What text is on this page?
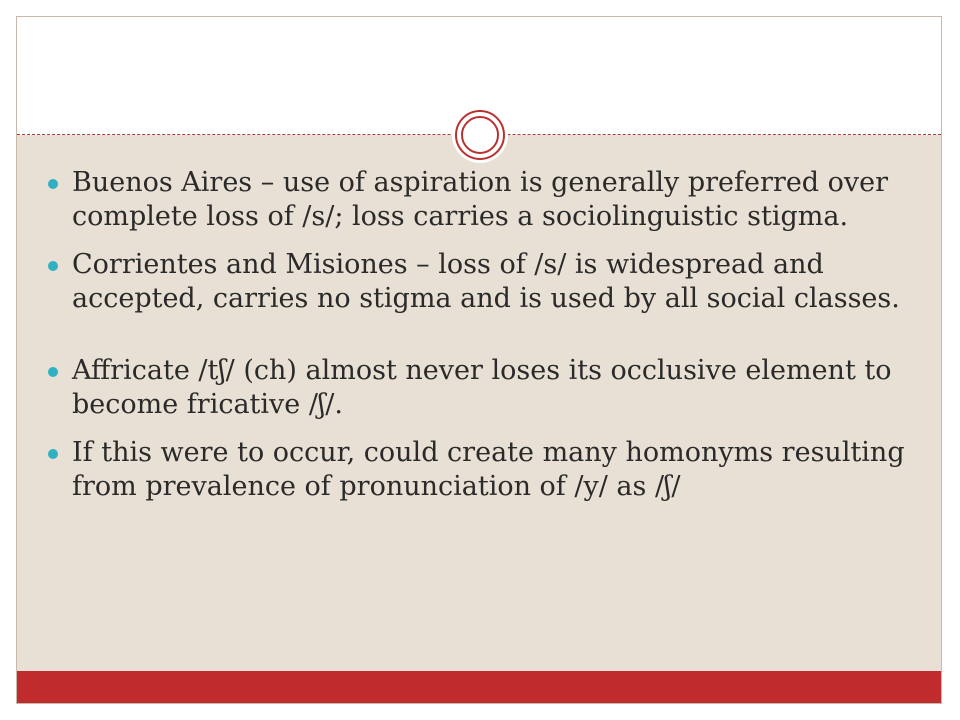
Buenos Aires – use of aspiration is generally preferred over complete loss of /s/; loss carries a sociolinguistic stigma.
Corrientes and Misiones – loss of /s/ is widespread and accepted, carries no stigma and is used by all social classes.
Affricate /tʃ/ (ch) almost never loses its occlusive element to become fricative /ʃ/.
If this were to occur, could create many homonyms resulting from prevalence of pronunciation of /y/ as /ʃ/
